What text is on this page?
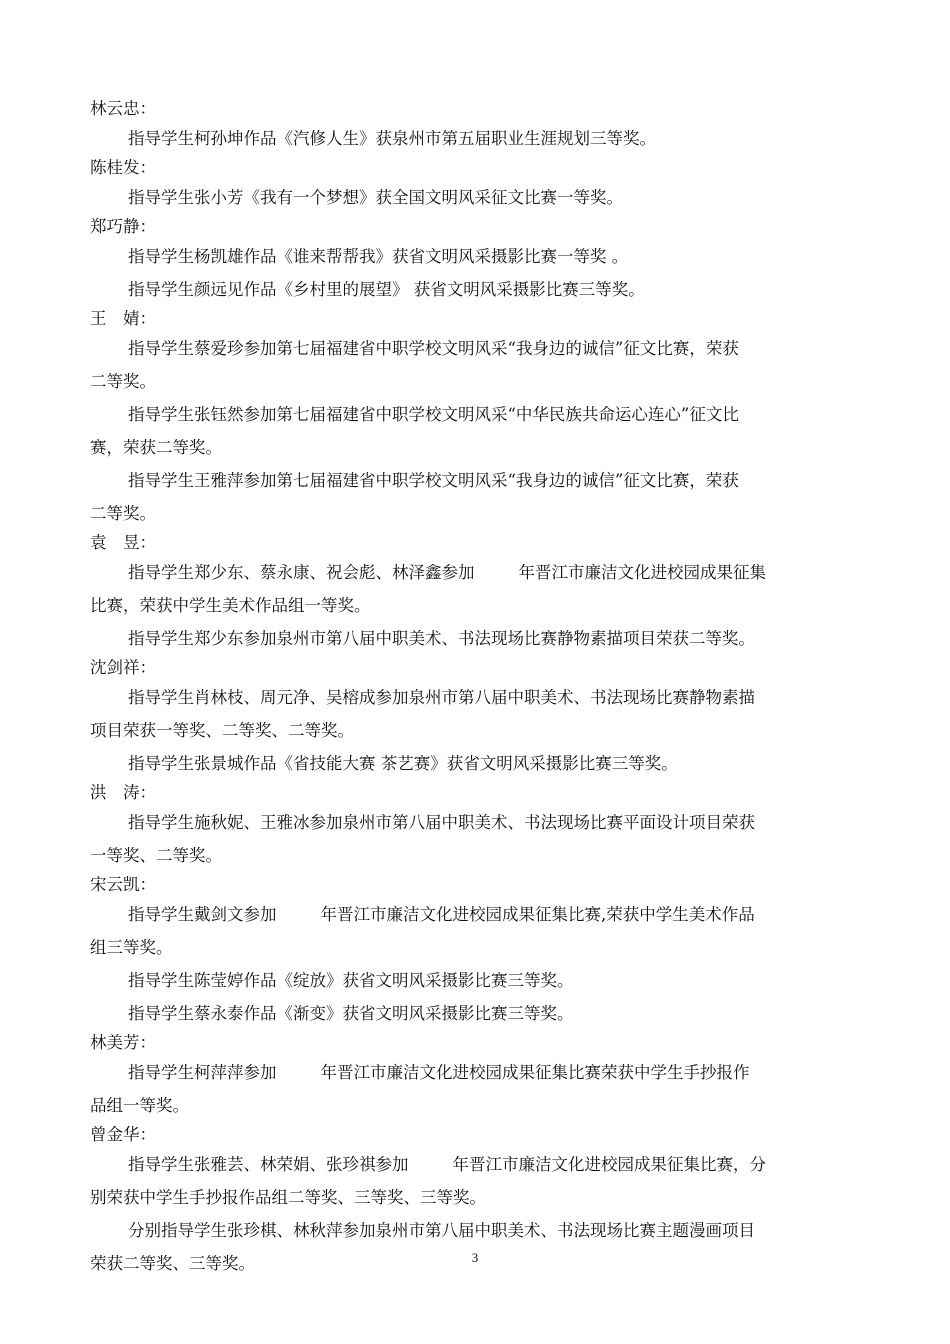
林云忠：
指导学生柯孙坤作品《汽修人生》获泉州市第五届职业生涯规划三等奖。
陈桂发：
指导学生张小芳《我有一个梦想》获全国文明风采征文比赛一等奖。
郑巧静：
指导学生杨凯雄作品《谁来帮帮我》获省文明风采摄影比赛一等奖 。
指导学生颜远见作品《乡村里的展望》 获省文明风采摄影比赛三等奖。
王　婧：
指导学生蔡爱珍参加第七届福建省中职学校文明风采“我身边的诚信”征文比赛，荣获
二等奖。
指导学生张钰然参加第七届福建省中职学校文明风采“中华民族共命运心连心”征文比
赛，荣获二等奖。
指导学生王雅萍参加第七届福建省中职学校文明风采“我身边的诚信”征文比赛，荣获
二等奖。
袁　昱：
指导学生郑少东、蔡永康、祝会彪、林泽鑫参加	年晋江市廉洁文化进校园成果征集
比赛，荣获中学生美术作品组一等奖。
指导学生郑少东参加泉州市第八届中职美术、书法现场比赛静物素描项目荣获二等奖。
沈剑祥：
指导学生肖林枝、周元净、吴榕成参加泉州市第八届中职美术、书法现场比赛静物素描
项目荣获一等奖、二等奖、二等奖。
指导学生张景城作品《省技能大赛 茶艺赛》获省文明风采摄影比赛三等奖。
洪　涛：
指导学生施秋妮、王雅冰参加泉州市第八届中职美术、书法现场比赛平面设计项目荣获
一等奖、二等奖。
宋云凯：
指导学生戴剑文参加	年晋江市廉洁文化进校园成果征集比赛,荣获中学生美术作品
组三等奖。
指导学生陈莹婷作品《绽放》获省文明风采摄影比赛三等奖。
指导学生蔡永泰作品《渐变》获省文明风采摄影比赛三等奖。
林美芳：
指导学生柯萍萍参加	年晋江市廉洁文化进校园成果征集比赛荣获中学生手抄报作
品组一等奖。
曾金华：
指导学生张雅芸、林荣娟、张珍祺参加	年晋江市廉洁文化进校园成果征集比赛，分
别荣获中学生手抄报作品组二等奖、三等奖、三等奖。
分别指导学生张珍棋、林秋萍参加泉州市第八届中职美术、书法现场比赛主题漫画项目
荣获二等奖、三等奖。	3
